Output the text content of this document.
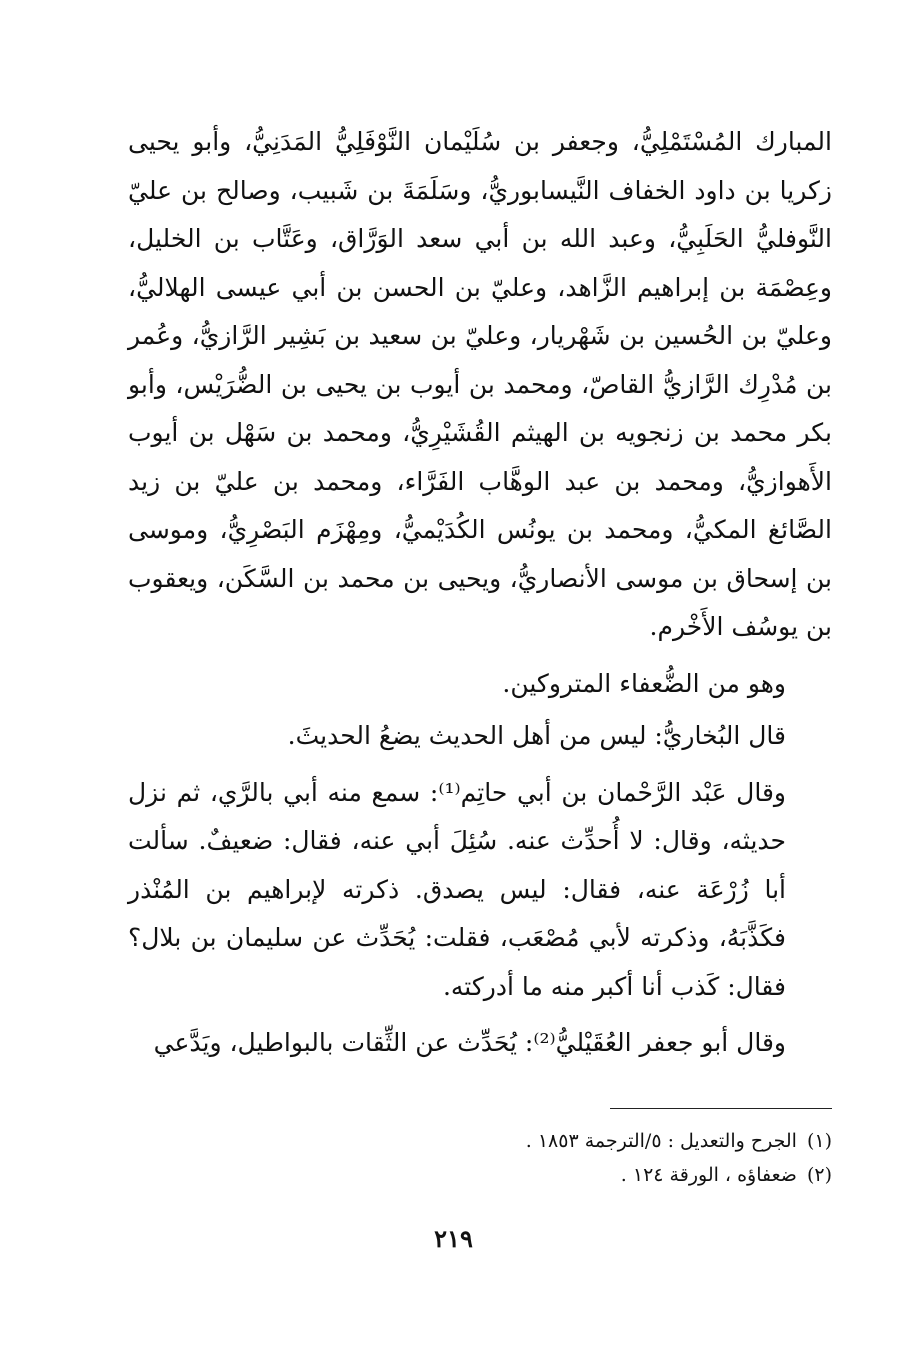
المبارك المُسْتَمْلِيُّ، وجعفر بن سُلَيْمان النَّوْفَلِيُّ المَدَنِيُّ، وأبو يحيى زكريا بن داود الخفاف النَّيسابوريُّ، وسَلَمَةَ بن شَبيب، وصالح بن عليّ النَّوفليُّ الحَلَبِيُّ، وعبد الله بن أبي سعد الوَرَّاق، وعَتَّاب بن الخليل، وعِصْمَة بن إبراهيم الزَّاهد، وعليّ بن الحسن بن أبي عيسى الهلاليُّ، وعليّ بن الحُسين بن شَهْريار، وعليّ بن سعيد بن بَشِير الرَّازيُّ، وعُمر بن مُدْرِك الرَّازيُّ القاصّ، ومحمد بن أيوب بن يحيى بن الضُّرَيْس، وأبو بكر محمد بن زنجويه بن الهيثم القُشَيْرِيُّ، ومحمد بن سَهْل بن أيوب الأَهوازيُّ، ومحمد بن عبد الوهَّاب الفَرَّاء، ومحمد بن عليّ بن زيد الصَّائغ المكيُّ، ومحمد بن يونُس الكُدَيْميُّ، ومِهْزَم البَصْرِيُّ، وموسى بن إسحاق بن موسى الأنصاريُّ، ويحيى بن محمد بن السَّكَن، ويعقوب بن يوسُف الأَخْرم.

وهو من الضُّعفاء المتروكين.

قال البُخاريُّ: ليس من أهل الحديث يضعُ الحديثَ.

وقال عَبْد الرَّحْمان بن أبي حاتِم⁽¹⁾: سمع منه أبي بالرَّي، ثم نزل حديثه، وقال: لا أُحدِّث عنه. سُئِلَ أبي عنه، فقال: ضعيفٌ. سألت أبا زُرْعَة عنه، فقال: ليس يصدق. ذكرته لإبراهيم بن المُنْذر فكَذَّبَهُ، وذكرته لأبي مُصْعَب، فقلت: يُحَدِّث عن سليمان بن بلال؟ فقال: كَذب أنا أكبر منه ما أدركته.

وقال أبو جعفر العُقَيْليُّ⁽²⁾: يُحَدِّث عن الثِّقات بالبواطيل، ويَدَّعي

(١)الجرح والتعديل : ٥/الترجمة ١٨٥٣ .

(٢)ضعفاؤه ، الورقة ١٢٤ .

٢١٩
